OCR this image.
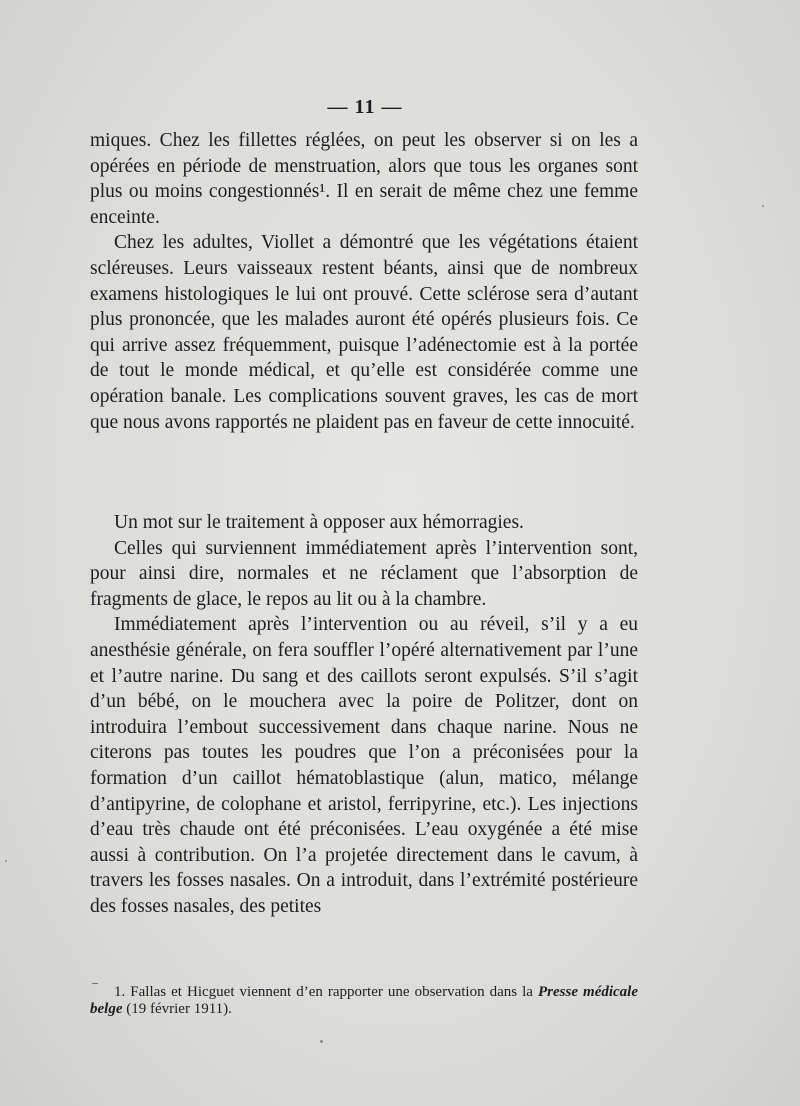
— 11 —

miques. Chez les fillettes réglées, on peut les observer si on les a opérées en période de menstruation, alors que tous les organes sont plus ou moins congestionnés¹. Il en serait de même chez une femme enceinte.

Chez les adultes, Viollet a démontré que les végétations étaient scléreuses. Leurs vaisseaux restent béants, ainsi que de nombreux examens histologiques le lui ont prouvé. Cette sclérose sera d’autant plus prononcée, que les malades auront été opérés plusieurs fois. Ce qui arrive assez fréquemment, puisque l’adénectomie est à la portée de tout le monde médical, et qu’elle est considérée comme une opération banale. Les complications souvent graves, les cas de mort que nous avons rapportés ne plaident pas en faveur de cette innocuité.

Un mot sur le traitement à opposer aux hémorragies.

Celles qui surviennent immédiatement après l’intervention sont, pour ainsi dire, normales et ne réclament que l’absorption de fragments de glace, le repos au lit ou à la chambre.

Immédiatement après l’intervention ou au réveil, s’il y a eu anesthésie générale, on fera souffler l’opéré alternativement par l’une et l’autre narine. Du sang et des caillots seront expulsés. S’il s’agit d’un bébé, on le mouchera avec la poire de Politzer, dont on introduira l’embout successivement dans chaque narine. Nous ne citerons pas toutes les poudres que l’on a préconisées pour la formation d’un caillot hématoblastique (alun, matico, mélange d’antipyrine, de colophane et aristol, ferripyrine, etc.). Les injections d’eau très chaude ont été préconisées. L’eau oxygénée a été mise aussi à contribution. On l’a projetée directement dans le cavum, à travers les fosses nasales. On a introduit, dans l’extrémité postérieure des fosses nasales, des petites

1. Fallas et Hicguet viennent d’en rapporter une observation dans la Presse médicale belge (19 février 1911).
